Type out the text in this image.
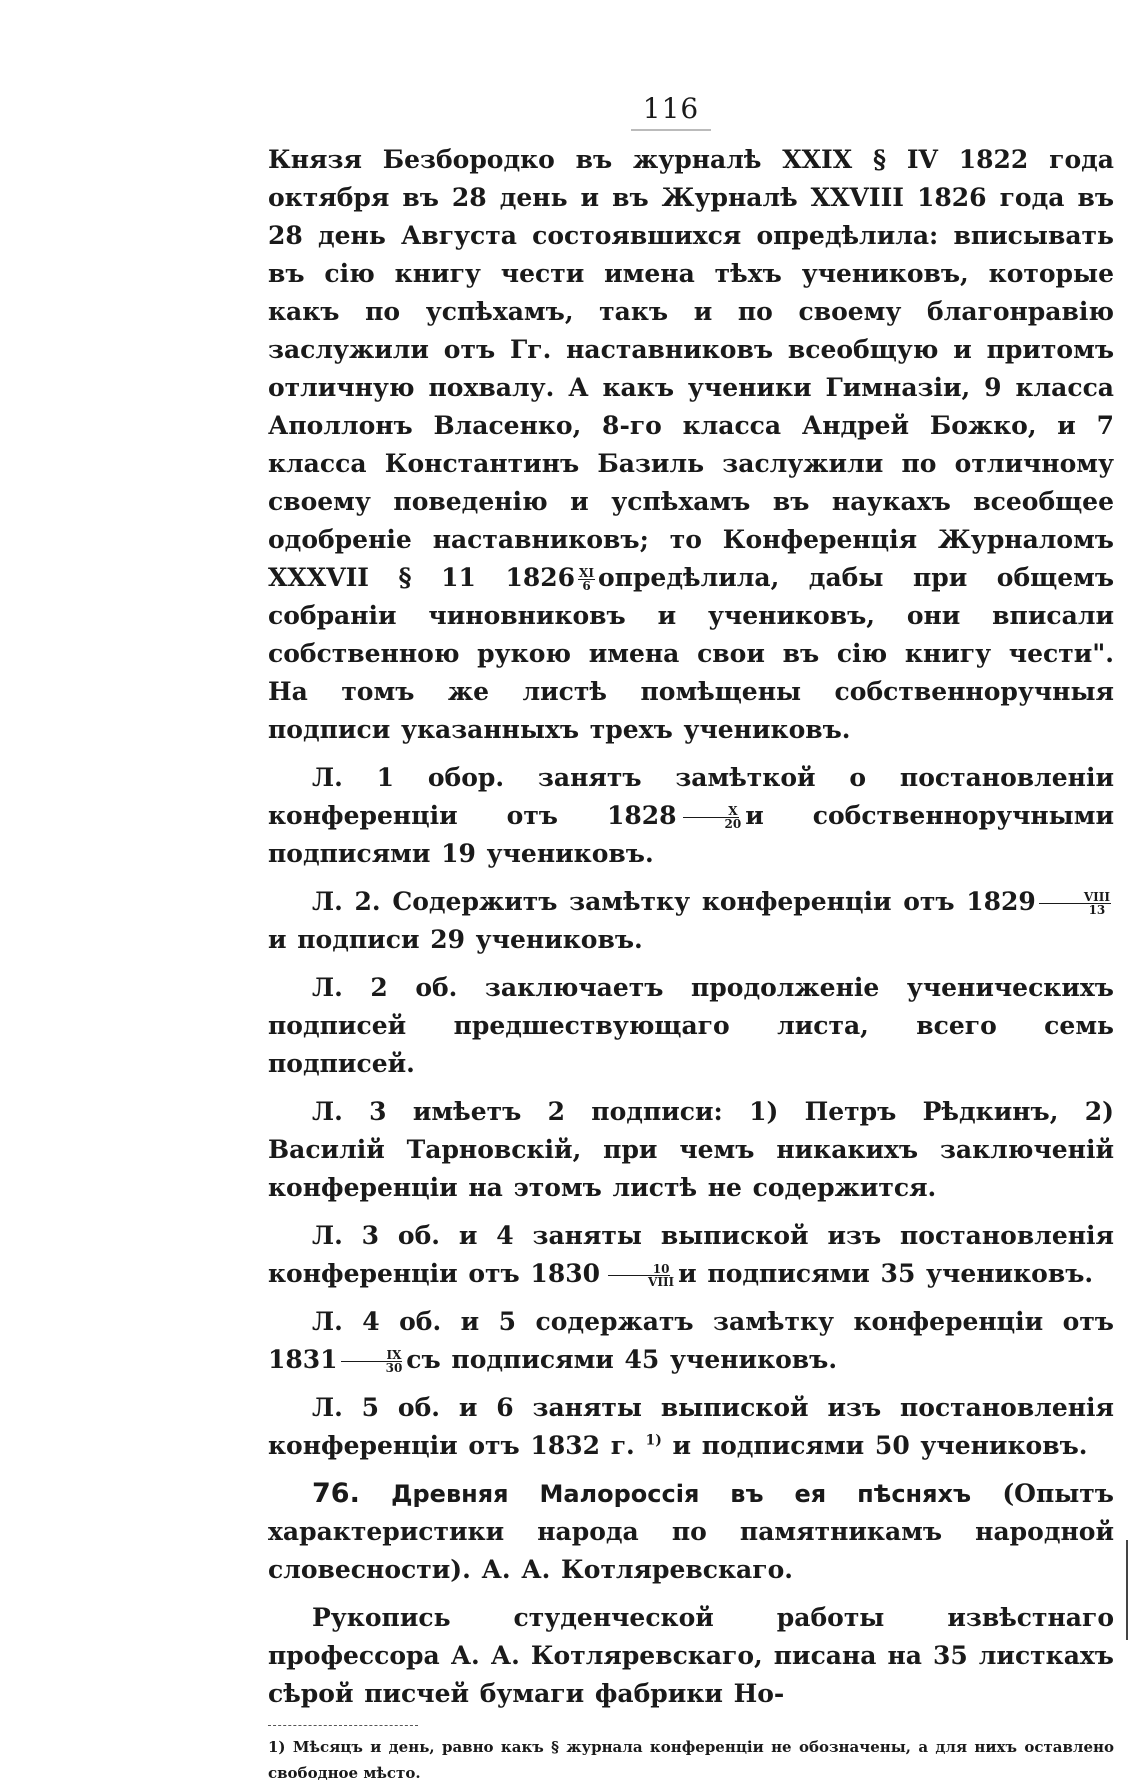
116

Князя Безбородко въ журналѣ XXIX § IV 1822 года октября въ 28 день и въ Журналѣ XXVIII 1826 года въ 28 день Августа состоявшихся опредѣлила: вписывать въ сію книгу чести имена тѣхъ учениковъ, которые какъ по успѣхамъ, такъ и по своему благонравію заслужили отъ Гг. наставниковъ всеобщую и притомъ отличную похвалу. А какъ ученики Гимназіи, 9 класса Аполлонъ Власенко, 8-го класса Андрей Божко, и 7 класса Константинъ Базиль заслужили по отличному своему поведенію и успѣхамъ въ наукахъ всеобщее одобреніе наставниковъ; то Конференція Журналомъ XXXVII § 11 $1826 \frac{XI}{6}$ опредѣлила, дабы при общемъ собраніи чиновниковъ и учениковъ, они вписали собственною рукою имена свои въ сію книгу чести". На томъ же листѣ помѣщены собственноручныя подписи указанныхъ трехъ учениковъ.

Л. 1 обор. занятъ замѣткой о постановленіи конференціи отъ $1828 \frac{X}{20}$ и собственноручными подписями 19 учениковъ.

Л. 2. Содержитъ замѣтку конференціи отъ $1829 \frac{\text{VIII}}{13}$
и подписи 29 учениковъ.

Л. 2 об. заключаетъ продолженіе ученическихъ подписей предшествующаго листа, всего семь подписей.

Л. 3 имѣетъ 2 подписи: 1) Петръ Рѣдкинъ, 2) Василій Тарновскій, при чемъ никакихъ заключеній конференціи на этомъ листѣ не содержится.

Л. 3 об. и 4 заняты выпиской изъ постановленія конференціи отъ $1830 \frac{10}{\text{VIII}}$ и подписями 35 учениковъ.

Л. 4 об. и 5 содержатъ замѣтку конференціи отъ $1831 \frac{IX}{30}$ съ подписями 45 учениковъ.

Л. 5 об. и 6 заняты выпиской изъ постановленія конференціи отъ 1832 г. $^{1)}$ и подписями 50 учениковъ.

76. Древняя Малороссія въ ея пѣсняхъ (Опытъ характеристики народа по памятникамъ народной словесности). А. А. Котляревскаго.

Рукопись студенческой работы извѣстнаго профессора А. А. Котляревскаго, писана на 35 листкахъ сѣрой писчей бумаги фабрики Но-

1) Мѣсяцъ и день, равно какъ § журнала конференціи не обозначены, а для нихъ оставлено свободное мѣсто.
